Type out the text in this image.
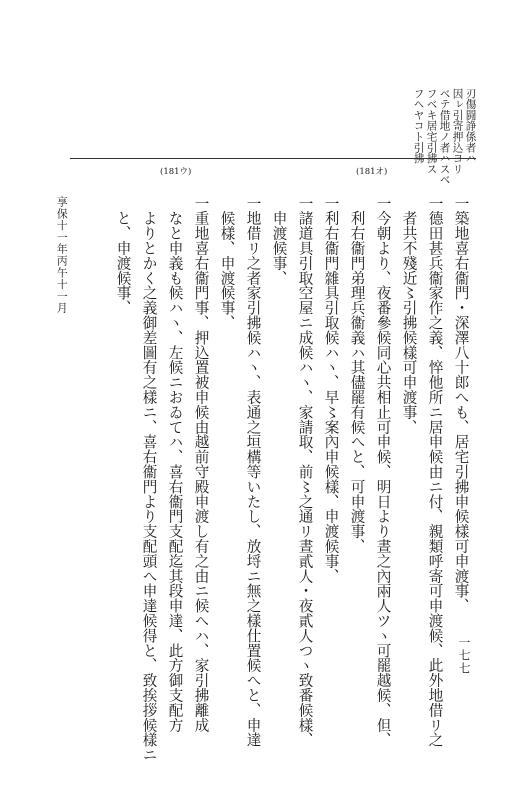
刃傷闘諍係者ハ
因ㇾ引寄押込ヨリ
ベテ借地ノ者ハスベ
フベキ居宅引拂ス
フヘヤコト引拂
(181オ)
(181ウ)
一築地喜右衞門・深澤八十郎へも、居宅引拂申候樣可申渡事、
一德田甚兵衞家作之義、悴他所ニ居申候由ニ付、親類呼寄可申渡候、此外地借リ之
　者共不殘近〻引拂候樣可申渡事、
一今朝より、夜番參候同心共相止可申候、明日より晝之內兩人ツヽ可罷越候、但、
　利右衞門弟理兵衞義ハ其儘罷有候へと、可申渡事、
一利右衞門雜具引取候ハヽ、早〻案內申候樣、申渡候事、
一諸道具引取空屋ニ成候ハヽ、家請取、前〻之通リ晝貳人・夜貳人つヽ致番候樣、
　申渡候事、
一地借リ之者家引拂候ハヽ、表通之垣構等いたし、放埒ニ無之樣仕置候へと、申達
　候樣、申渡候事、
一重地喜右衞門事、押込置被申候由越前守殿申渡し有之由ニ候へハ、家引拂離成
　なと申義も候ハヽ、左候ニおゐてハ、喜右衞門支配迄其段申達、此方御支配方
　よりとかく之義御差圖有之樣ニ、喜右衞門より支配頭へ申達候得と、致挨拶候樣ニ
　と、申渡候事、
享保十一年丙午十一月
一七七
